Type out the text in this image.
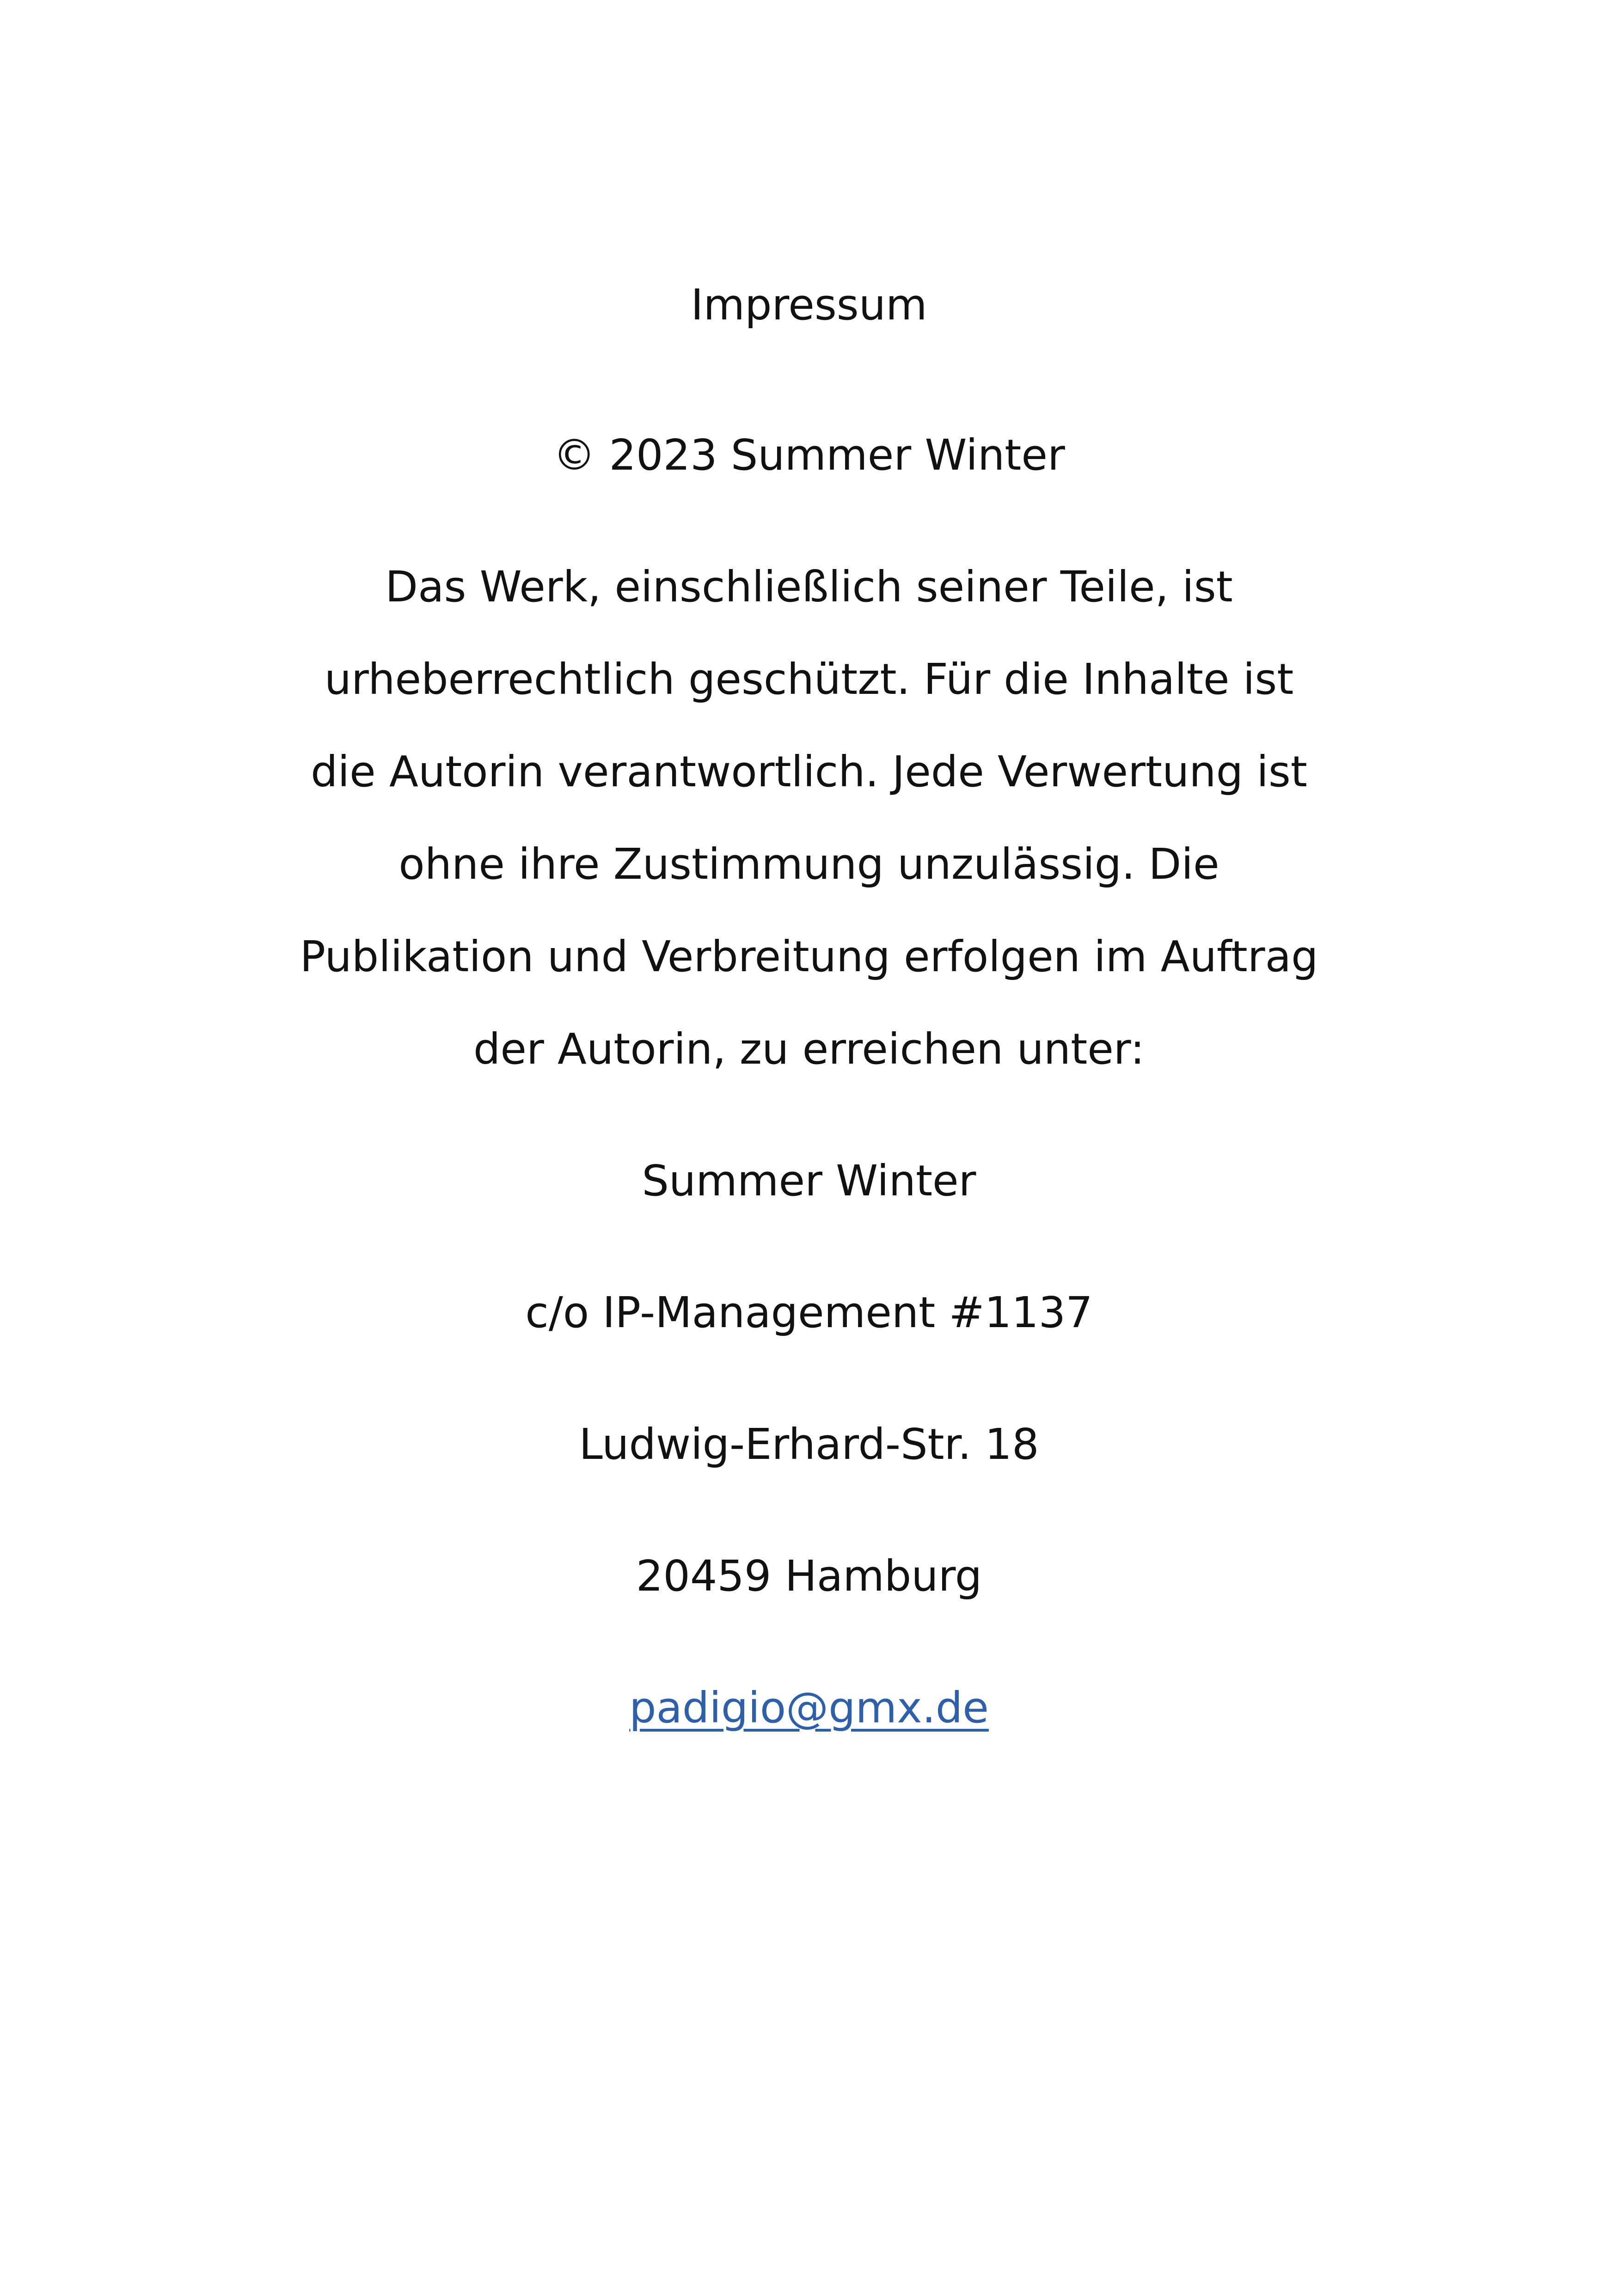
Impressum
© 2023 Summer Winter
Das Werk, einschließlich seiner Teile, ist
urheberrechtlich geschützt. Für die Inhalte ist
die Autorin verantwortlich. Jede Verwertung ist
ohne ihre Zustimmung unzulässig. Die
Publikation und Verbreitung erfolgen im Auftrag
der Autorin, zu erreichen unter:
Summer Winter
c/o IP-Management #1137
Ludwig-Erhard-Str. 18
20459 Hamburg
padigio@gmx.de
